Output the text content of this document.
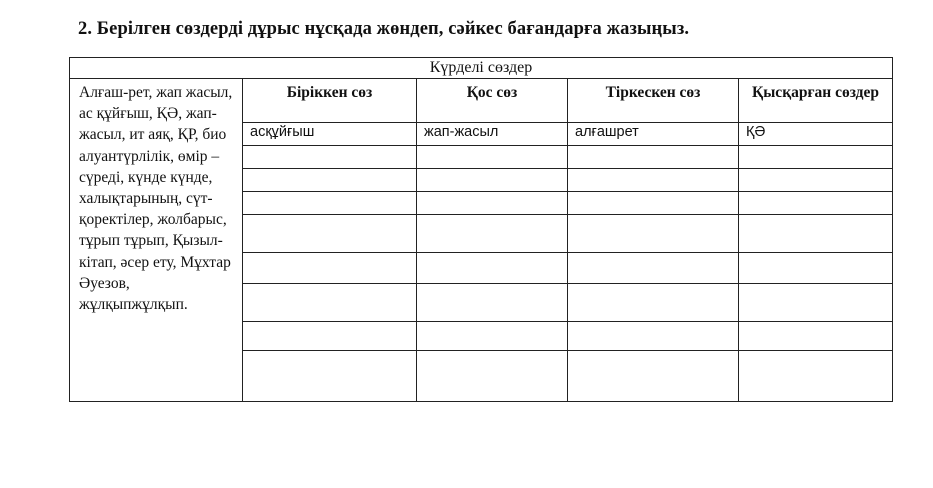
2. Берілген сөздерді дұрыс нұсқада жөндеп, сәйкес бағандарға жазыңыз.
Күрделі сөздер				
Алғаш-рет, жап жасыл, ас құйғыш, ҚӘ, жап-жасыл, ит аяқ, ҚР, био алуантүрлілік, өмір – сүреді, күнде күнде, халықтарының, сүт-қоректілер, жолбарыс, тұрып тұрып, Қызыл-кітап, әсер ету, Мұхтар Әуезов, жұлқыпжұлқып.	Біріккен сөз	Қос сөз	Тіркескен сөз	Қысқарған сөздер
	асқұйғыш	жап-жасыл	алғашрет	ҚӘ
